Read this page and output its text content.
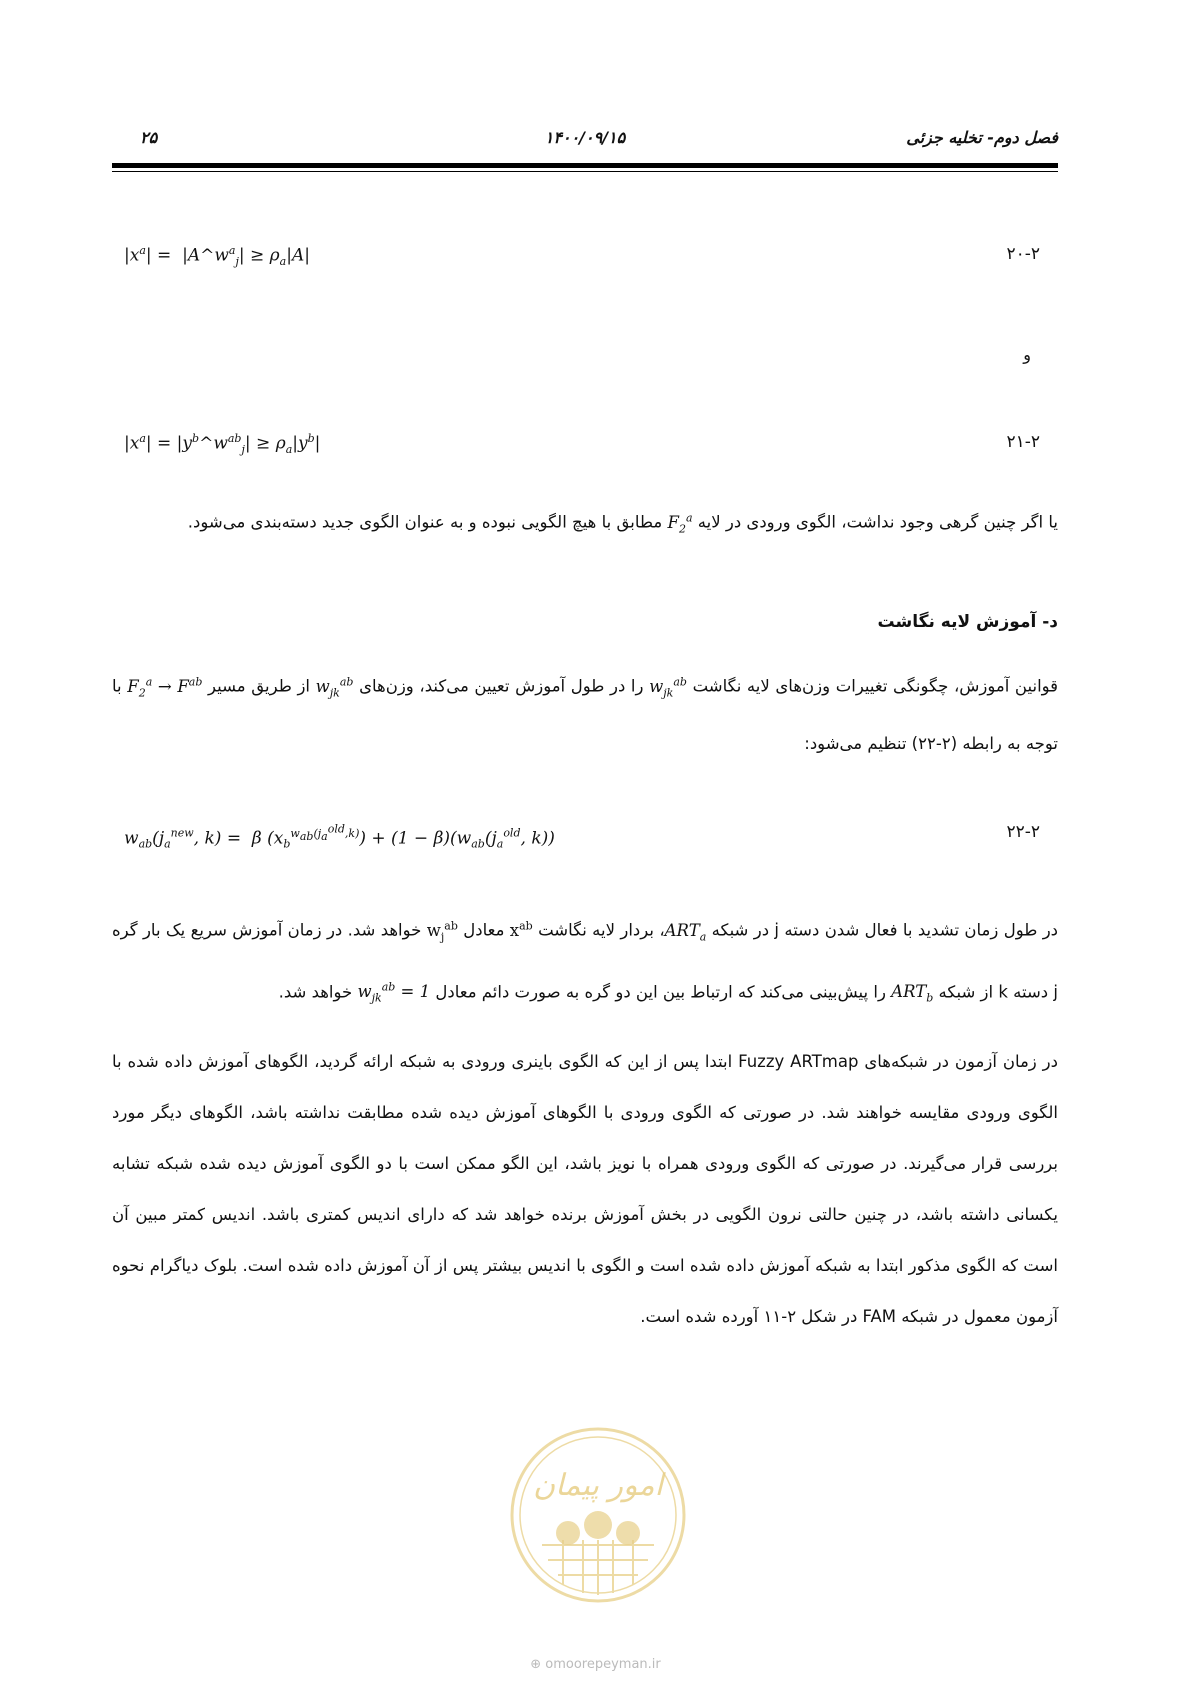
فصل دوم- تخلیه جزئی
۱۴۰۰/۰۹/۱۵
۲۵
$|x^a|$ =  $|A\^{}w^a_j| \ge \rho_a|A|$	۲۰-۲
و
$|x^a|$ = $|y^b\^{}w^{ab}_j| \ge \rho_a|y^b|$	۲۱-۲
یا اگر چنین گرهی وجود نداشت، الگوی ورودی در لایه $F_2^a$ مطابق با هیچ الگویی نبوده و به عنوان الگوی جدید دسته‌بندی می‌شود.
د- آموزش لایه نگاشت
قوانین آموزش، چگونگی تغییرات وزن‌های لایه نگاشت $w_{jk}^{ab}$ را در طول آموزش تعیین می‌کند، وزن‌های $w_{jk}^{ab}$ از طریق مسیر $F_2^a \to F^{ab}$ با توجه به رابطه (۲-۲۲) تنظیم می‌شود:
$w_{ab}(j_a^{new}$, k) =  β $(x_b^{w_{ab}(j_a^{old},k)}) + (1 - \beta)(w_{ab}(j_a^{old}$, k))	۲۲-۲
در طول زمان تشدید با فعال شدن دسته j در شبکه $ART_a،$ بردار لایه نگاشت $x^{ab}$ معادل $w_j^{ab}$ خواهد شد. در زمان آموزش سریع یک بار گره j دسته k از شبکه $ART_b$ را پیش‌بینی می‌کند که ارتباط بین این دو گره به صورت دائم معادل $w_{jk}^{ab} = 1$ خواهد شد.
در زمان آزمون در شبکه‌های Fuzzy ARTmap ابتدا پس از این که الگوی باینری ورودی به شبکه ارائه گردید، الگوهای آموزش داده شده با الگوی ورودی مقایسه خواهند شد. در صورتی که الگوی ورودی با الگوهای آموزش دیده شده مطابقت نداشته باشد، الگوهای دیگر مورد بررسی قرار می‌گیرند. در صورتی که الگوی ورودی همراه با نویز باشد، این الگو ممکن است با دو الگوی آموزش دیده شده شبکه تشابه یکسانی داشته باشد، در چنین حالتی نرون الگویی در بخش آموزش برنده خواهد شد که دارای اندیس کمتری باشد. اندیس کمتر مبین آن است که الگوی مذکور ابتدا به شبکه آموزش داده شده است و الگوی با اندیس بیشتر پس از آن آموزش داده شده است. بلوک دیاگرام نحوه آزمون معمول در شبکه FAM در شکل ۲-۱۱ آورده شده است.
امور پیمان
⊕ omoorepeyman.ir
